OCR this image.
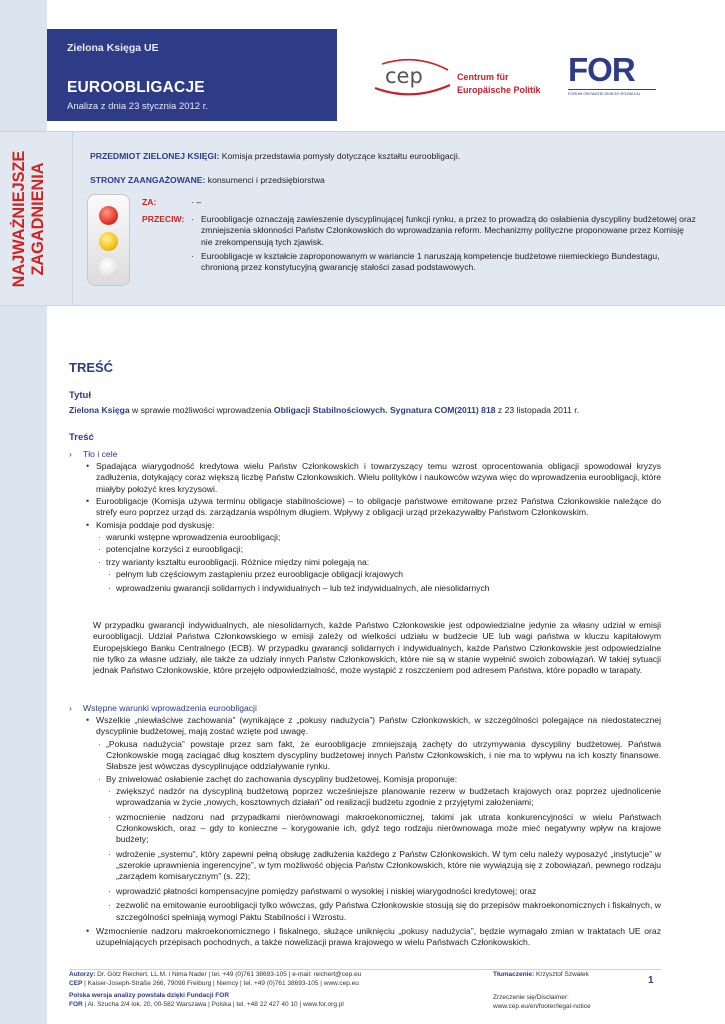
Zielona Księga UE
EUROOBLIGACJE
Analiza z dnia 23 stycznia 2012 r.
cep	Centrum für
Europäische Politik
FOR
FORUM OBYWATELSKIEGO ROZWOJU
NAJWAŻNIEJSZE
ZAGADNIENIA
PRZEDMIOT ZIELONEJ KSIĘGI: Komisja przedstawia pomysły dotyczące kształtu euroobligacji.
STRONY ZAANGAŻOWANE: konsumenci i przedsiębiorstwa
ZA:	· –
PRZECIW:
·	Euroobligacje oznaczają zawieszenie dyscyplinującej funkcji rynku, a przez to prowadzą do osłabienia dyscypliny budżetowej oraz zmniejszenia skłonności Państw Członkowskich do wprowadzania reform. Mechanizmy polityczne proponowane przez Komisję nie zrekompensują tych zjawisk.
· Euroobligacje w kształcie zaproponowanym w wariancie 1 naruszają kompetencje budżetowe niemieckiego Bundestagu, chronioną przez konstytucyjną gwarancję stałości zasad podstawowych.
TREŚĆ
Tytuł
Zielona Księga w sprawie możliwości wprowadzenia Obligacji Stabilnościowych. Sygnatura COM(2011) 818 z 23 listopada 2011 r.
Treść
› Tło i cele
• Spadająca wiarygodność kredytowa wielu Państw Członkowskich i towarzyszący temu wzrost oprocentowania obligacji spowodował kryzys zadłużenia, dotykający coraz większą liczbę Państw Członkowskich. Wielu polityków i naukowców wzywa więc do wprowadzenia euroobligacji, które miałyby położyć kres kryzysowi.
• Euroobligacje (Komisja używa terminu obligacje stabilnościowe) – to obligacje państwowe emitowane przez Państwa Członkowskie należące do strefy euro poprzez urząd ds. zarządzania wspólnym długiem. Wpływy z obligacji urząd przekazywałby Państwom Członkowskim.
• Komisja poddaje pod dyskusję:
· warunki wstępne wprowadzenia euroobligacji;
· potencjalne korzyści z euroobligacji;
· trzy warianty kształtu euroobligacji. Różnice między nimi polegają na:
· pełnym lub częściowym zastąpieniu przez euroobligacje obligacji krajowych
· wprowadzeniu gwarancji solidarnych i indywidualnych – lub też indywidualnych, ale niesolidarnych
W przypadku gwarancji indywidualnych, ale niesolidarnych, każde Państwo Członkowskie jest odpowiedzialne jedynie za własny udział w emisji euroobligacji. Udział Państwa Członkowskiego w emisji zależy od wielkości udziału w budżecie UE lub wagi państwa w kluczu kapitałowym Europejskiego Banku Centralnego (ECB). W przypadku gwarancji solidarnych i indywidualnych, każde Państwo Członkowskie jest odpowiedzialne nie tylko za własne udziały, ale także za udziały innych Państw Członkowskich, które nie są w stanie wypełnić swoich zobowiązań. W takiej sytuacji jednak Państwo Członkowskie, które przejęło odpowiedzialność, może wystąpić z roszczeniem pod adresem Państwa, które popadło w tarapaty.
› Wstępne warunki wprowadzenia euroobligacji
• Wszelkie „niewłaściwe zachowania” (wynikające z „pokusy nadużycia”) Państw Członkowskich, w szczególności polegające na niedostatecznej dyscyplinie budżetowej, mają zostać wzięte pod uwagę.
· „Pokusa nadużycia” powstaje przez sam fakt, że euroobligacje zmniejszają zachęty do utrzymywania dyscypliny budżetowej. Państwa Członkowskie mogą zaciągać dług kosztem dyscypliny budżetowej innych Państw Członkowskich, i nie ma to wpływu na ich koszty finansowe. Słabsze jest wówczas dyscyplinujące oddziaływanie rynku.
· By zniwelować osłabienie zachęt do zachowania dyscypliny budżetowej, Komisja proponuje:
· zwiększyć nadzór na dyscypliną budżetową poprzez wcześniejsze planowanie rezerw w budżetach krajowych oraz poprzez ujednolicenie wprowadzania w życie „nowych, kosztownych działań” od realizacji budżetu zgodnie z przyjętymi założeniami;
· wzmocnienie nadzoru nad przypadkami nierównowagi makroekonomicznej, takimi jak utrata konkurencyjności w wielu Państwach Członkowskich, oraz – gdy to konieczne – korygowanie ich, gdyż tego rodzaju nierównowaga może mieć negatywny wpływ na krajowe budżety;
· wdrożenie „systemu”, który zapewni pełną obsługę zadłużenia każdego z Państw Członkowskich. W tym celu należy wyposażyć „instytucje” w „szerokie uprawnienia ingerencyjne”, w tym możliwość objęcia Państw Członkowskich, które nie wywiązują się z zobowiązań, pewnego rodzaju „zarządem komisarycznym” (s. 22);
· wprowadzić płatności kompensacyjne pomiędzy państwami o wysokiej i niskiej wiarygodności kredytowej; oraz
· zezwolić na emitowanie euroobligacji tylko wówczas, gdy Państwa Członkowskie stosują się do przepisów makroekonomicznych i fiskalnych, w szczególności spełniają wymogi Paktu Stabilności i Wzrostu.
• Wzmocnienie nadzoru makroekonomicznego i fiskalnego, służące uniknięciu „pokusy nadużycia”, będzie wymagało zmian w traktatach UE oraz uzupełniających przepisach pochodnych, a także nowelizacji prawa krajowego w wielu Państwach Członkowskich.
Autorzy: Dr. Götz Reichert, LL.M. i Nima Nader | tel. +49 (0)761 38693-105 | e-mail: reichert@cep.eu
CEP | Kaiser-Joseph-Straße 266, 79098 Freiburg | Niemcy | tel. +49 (0)761 38693-105 | www.cep.eu
Polska wersja analizy powstała dzięki Fundacji FOR
FOR | Al. Szucha 2/4 lok. 20, 00-582 Warszawa | Polska | tel. +48 22 427 40 10 | www.for.org.pl
Tłumaczenie: Krzysztof Szwałek
Zrzeczenie się/Disclaimer:
www.cep.eu/en/footer/legal-notice
1
